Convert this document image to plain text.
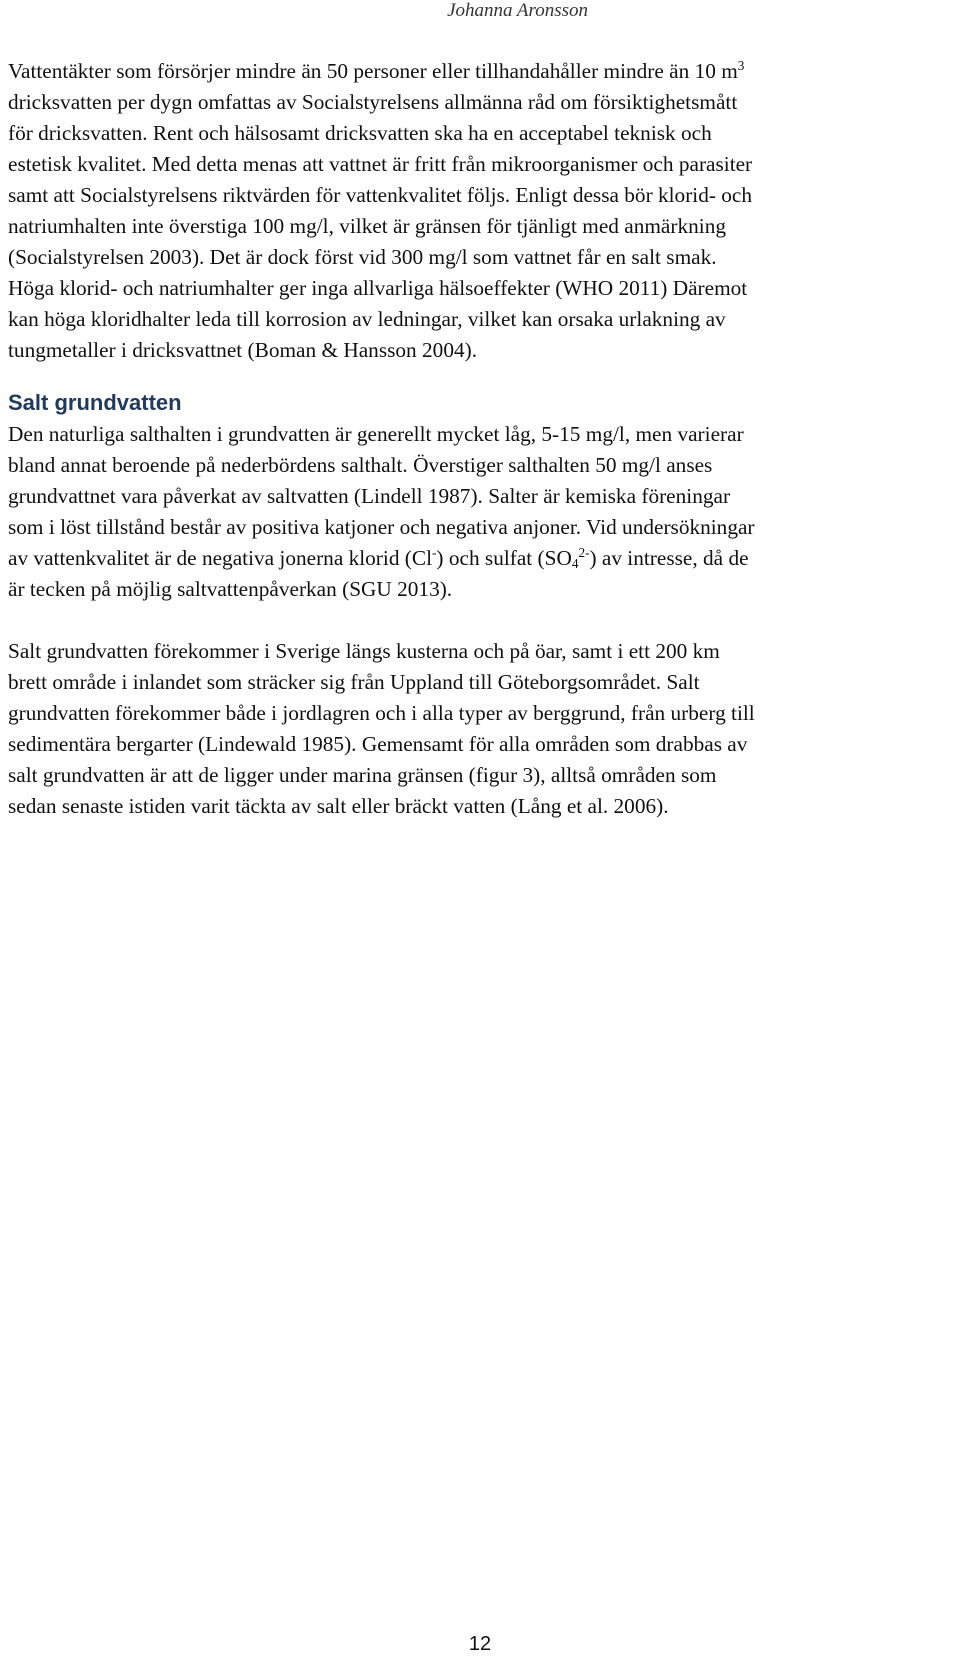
Johanna Aronsson

Vattentäkter som försörjer mindre än 50 personer eller tillhandahåller mindre än 10 $m^3$
dricksvatten per dygn omfattas av Socialstyrelsens allmänna råd om försiktighetsmått
för dricksvatten. Rent och hälsosamt dricksvatten ska ha en acceptabel teknisk och
estetisk kvalitet. Med detta menas att vattnet är fritt från mikroorganismer och parasiter
samt att Socialstyrelsens riktvärden för vattenkvalitet följs. Enligt dessa bör klorid- och
natriumhalten inte överstiga 100 mg/l, vilket är gränsen för tjänligt med anmärkning
(Socialstyrelsen 2003). Det är dock först vid 300 mg/l som vattnet får en salt smak.
Höga klorid- och natriumhalter ger inga allvarliga hälsoeffekter (WHO 2011) Däremot
kan höga kloridhalter leda till korrosion av ledningar, vilket kan orsaka urlakning av
tungmetaller i dricksvattnet (Boman & Hansson 2004).

Salt grundvatten

Den naturliga salthalten i grundvatten är generellt mycket låg, 5-15 mg/l, men varierar
bland annat beroende på nederbördens salthalt. Överstiger salthalten 50 mg/l anses
grundvattnet vara påverkat av saltvatten (Lindell 1987). Salter är kemiska föreningar
som i löst tillstånd består av positiva katjoner och negativa anjoner. Vid undersökningar
av vattenkvalitet är de negativa jonerna klorid (Cl-) och sulfat $(SO_4^{2-})$ av intresse, då de
är tecken på möjlig saltvattenpåverkan (SGU 2013).

Salt grundvatten förekommer i Sverige längs kusterna och på öar, samt i ett 200 km
brett område i inlandet som sträcker sig från Uppland till Göteborgsområdet. Salt
grundvatten förekommer både i jordlagren och i alla typer av berggrund, från urberg till
sedimentära bergarter (Lindewald 1985). Gemensamt för alla områden som drabbas av
salt grundvatten är att de ligger under marina gränsen (figur 3), alltså områden som
sedan senaste istiden varit täckta av salt eller bräckt vatten (Lång et al. 2006).

12
